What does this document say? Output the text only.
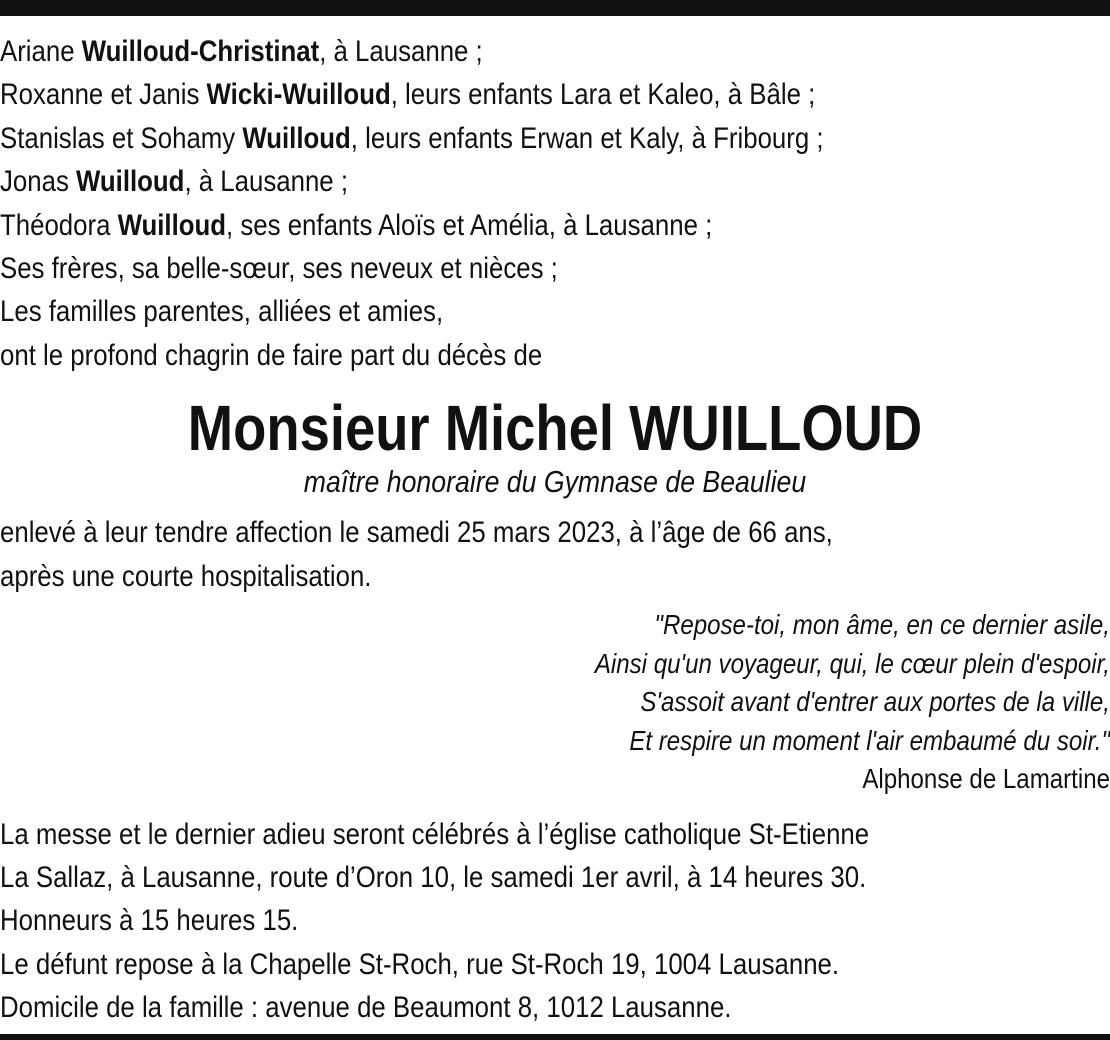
Ariane Wuilloud-Christinat, à Lausanne ;
Roxanne et Janis Wicki-Wuilloud, leurs enfants Lara et Kaleo, à Bâle ;
Stanislas et Sohamy Wuilloud, leurs enfants Erwan et Kaly, à Fribourg ;
Jonas Wuilloud, à Lausanne ;
Théodora Wuilloud, ses enfants Aloïs et Amélia, à Lausanne ;
Ses frères, sa belle-sœur, ses neveux et nièces ;
Les familles parentes, alliées et amies,
ont le profond chagrin de faire part du décès de
Monsieur Michel WUILLOUD
maître honoraire du Gymnase de Beaulieu
enlevé à leur tendre affection le samedi 25 mars 2023, à l’âge de 66 ans,
après une courte hospitalisation.
"Repose-toi, mon âme, en ce dernier asile,
Ainsi qu'un voyageur, qui, le cœur plein d'espoir,
S'assoit avant d'entrer aux portes de la ville,
Et respire un moment l'air embaumé du soir."
Alphonse de Lamartine
La messe et le dernier adieu seront célébrés à l’église catholique St-Etienne
La Sallaz, à Lausanne, route d’Oron 10, le samedi 1er avril, à 14 heures 30.
Honneurs à 15 heures 15.
Le défunt repose à la Chapelle St-Roch, rue St-Roch 19, 1004 Lausanne.
Domicile de la famille : avenue de Beaumont 8, 1012 Lausanne.
